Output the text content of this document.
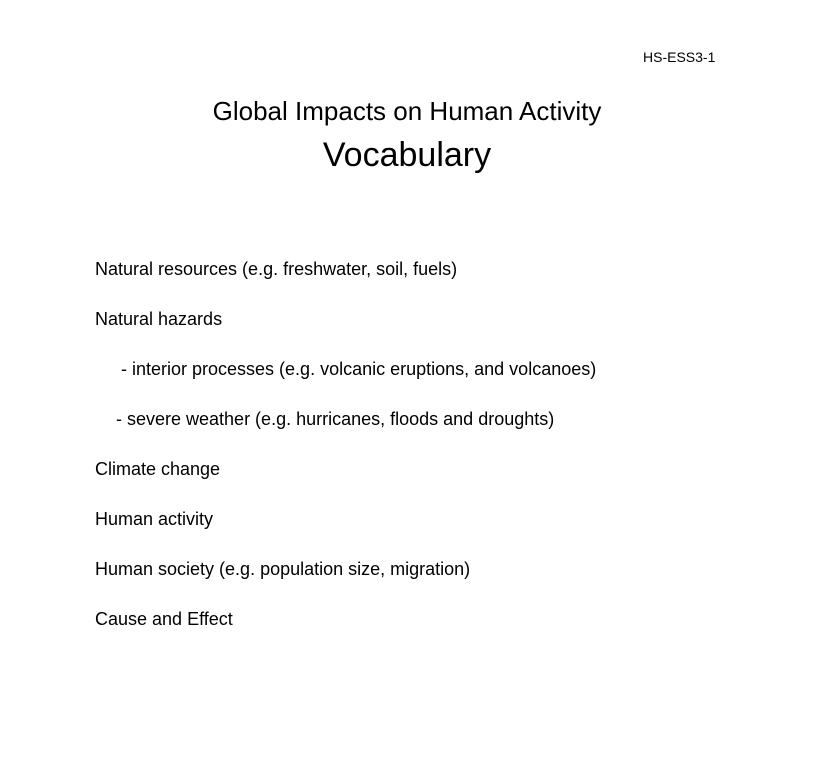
HS-ESS3-1
Global Impacts on Human Activity
Vocabulary
Natural resources (e.g. freshwater, soil, fuels)
Natural hazards
- interior processes (e.g. volcanic eruptions, and volcanoes)
- severe weather (e.g. hurricanes, floods and droughts)
Climate change
Human activity
Human society (e.g. population size, migration)
Cause and Effect
